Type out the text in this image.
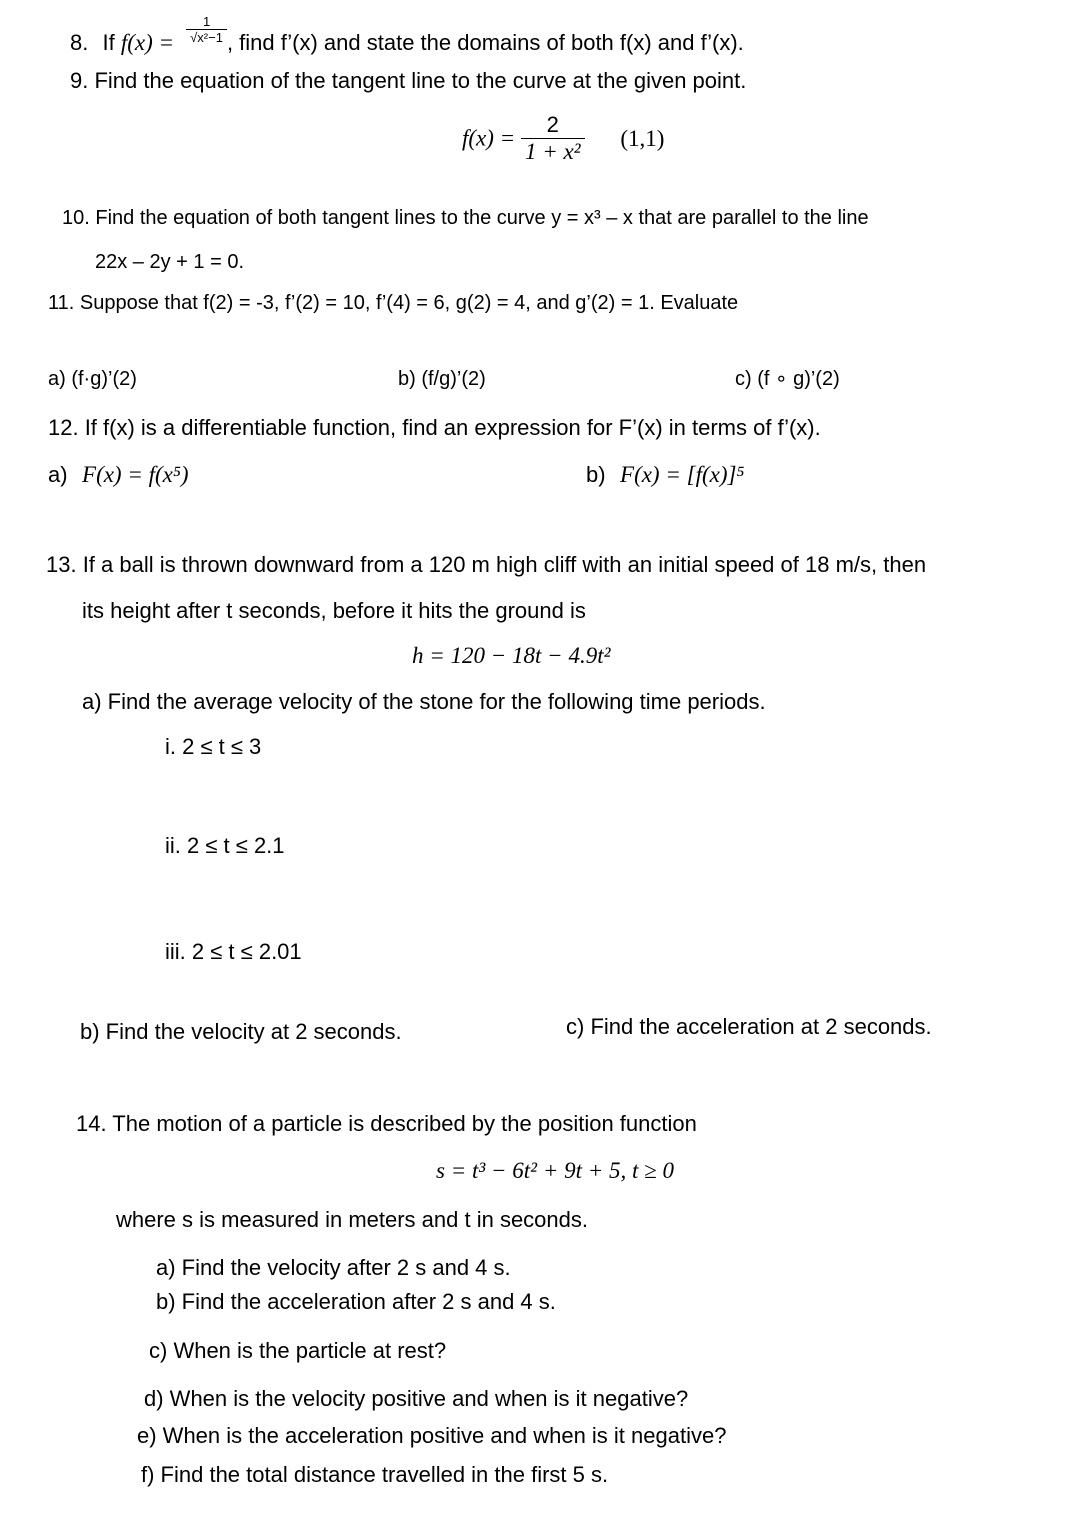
8. If $f(x) = \frac{1}{\text{√x²−1}}$ , find f’(x) and state the domains of both f(x) and f’(x).
9. Find the equation of the tangent line to the curve at the given point.
$f(x) = \frac{2}{\text{1 + x²}} (1,1)$
10. Find the equation of both tangent lines to the curve y = x³ – x that are parallel to the line
22x – 2y + 1 = 0.
11. Suppose that f(2) = -3, f’(2) = 10, f’(4) = 6, g(2) = 4, and g’(2) = 1. Evaluate
a) (f·g)’(2)	b) (f/g)’(2)	c) (f ∘ g)’(2)
12. If f(x) is a differentiable function, find an expression for F’(x) in terms of f’(x).
a) F(x) = f(x⁵)	b) F(x) = [f(x)]⁵
13. If a ball is thrown downward from a 120 m high cliff with an initial speed of 18 m/s, then
its height after t seconds, before it hits the ground is
h = 120 − 18t − 4.9t²
a) Find the average velocity of the stone for the following time periods.
i. 2 ≤ t ≤ 3
ii. 2 ≤ t ≤ 2.1
iii. 2 ≤ t ≤ 2.01
b) Find the velocity at 2 seconds.	c) Find the acceleration at 2 seconds.
14. The motion of a particle is described by the position function
s = t³ − 6t² + 9t + 5, t ≥ 0
where s is measured in meters and t in seconds.
a) Find the velocity after 2 s and 4 s.
b) Find the acceleration after 2 s and 4 s.
c) When is the particle at rest?
d) When is the velocity positive and when is it negative?
e) When is the acceleration positive and when is it negative?
f) Find the total distance travelled in the first 5 s.
